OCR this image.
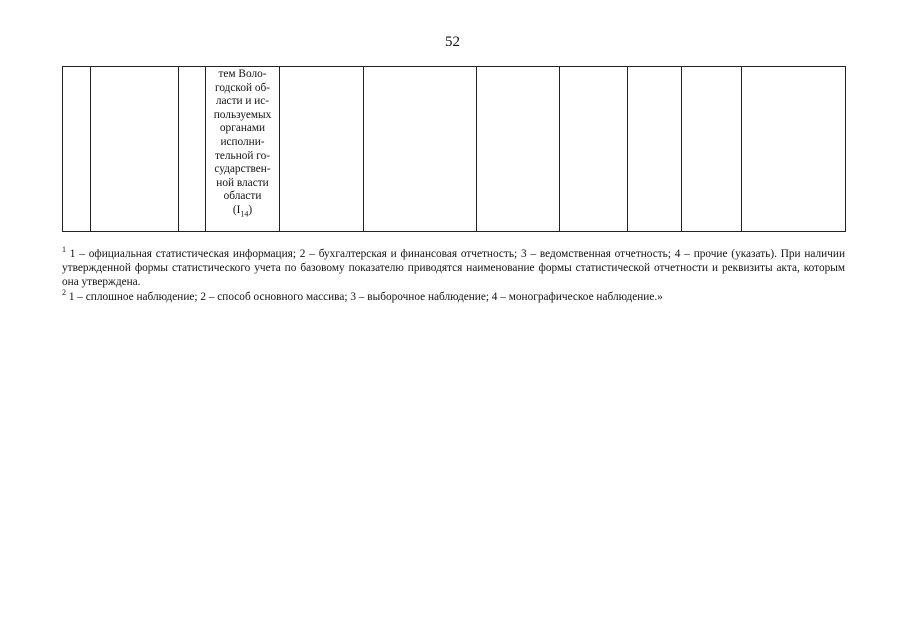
52

тем Воло-
годской об-
ласти и ис-
пользуемых
органами
исполни-
тельной го-
сударствен-
ной власти
области
$(I_{14})$

$^1$ 1 – официальная статистическая информация; 2 – бухгалтерская и финансовая отчетность; 3 – ведомственная отчетность; 4 – прочие (указать). При наличии утвержденной формы статистического учета по базовому показателю приводятся наименование формы статистической отчетности и реквизиты акта, которым она утверждена.

$^2$ 1 – сплошное наблюдение; 2 – способ основного массива; 3 – выборочное наблюдение; 4 – монографическое наблюдение.»
